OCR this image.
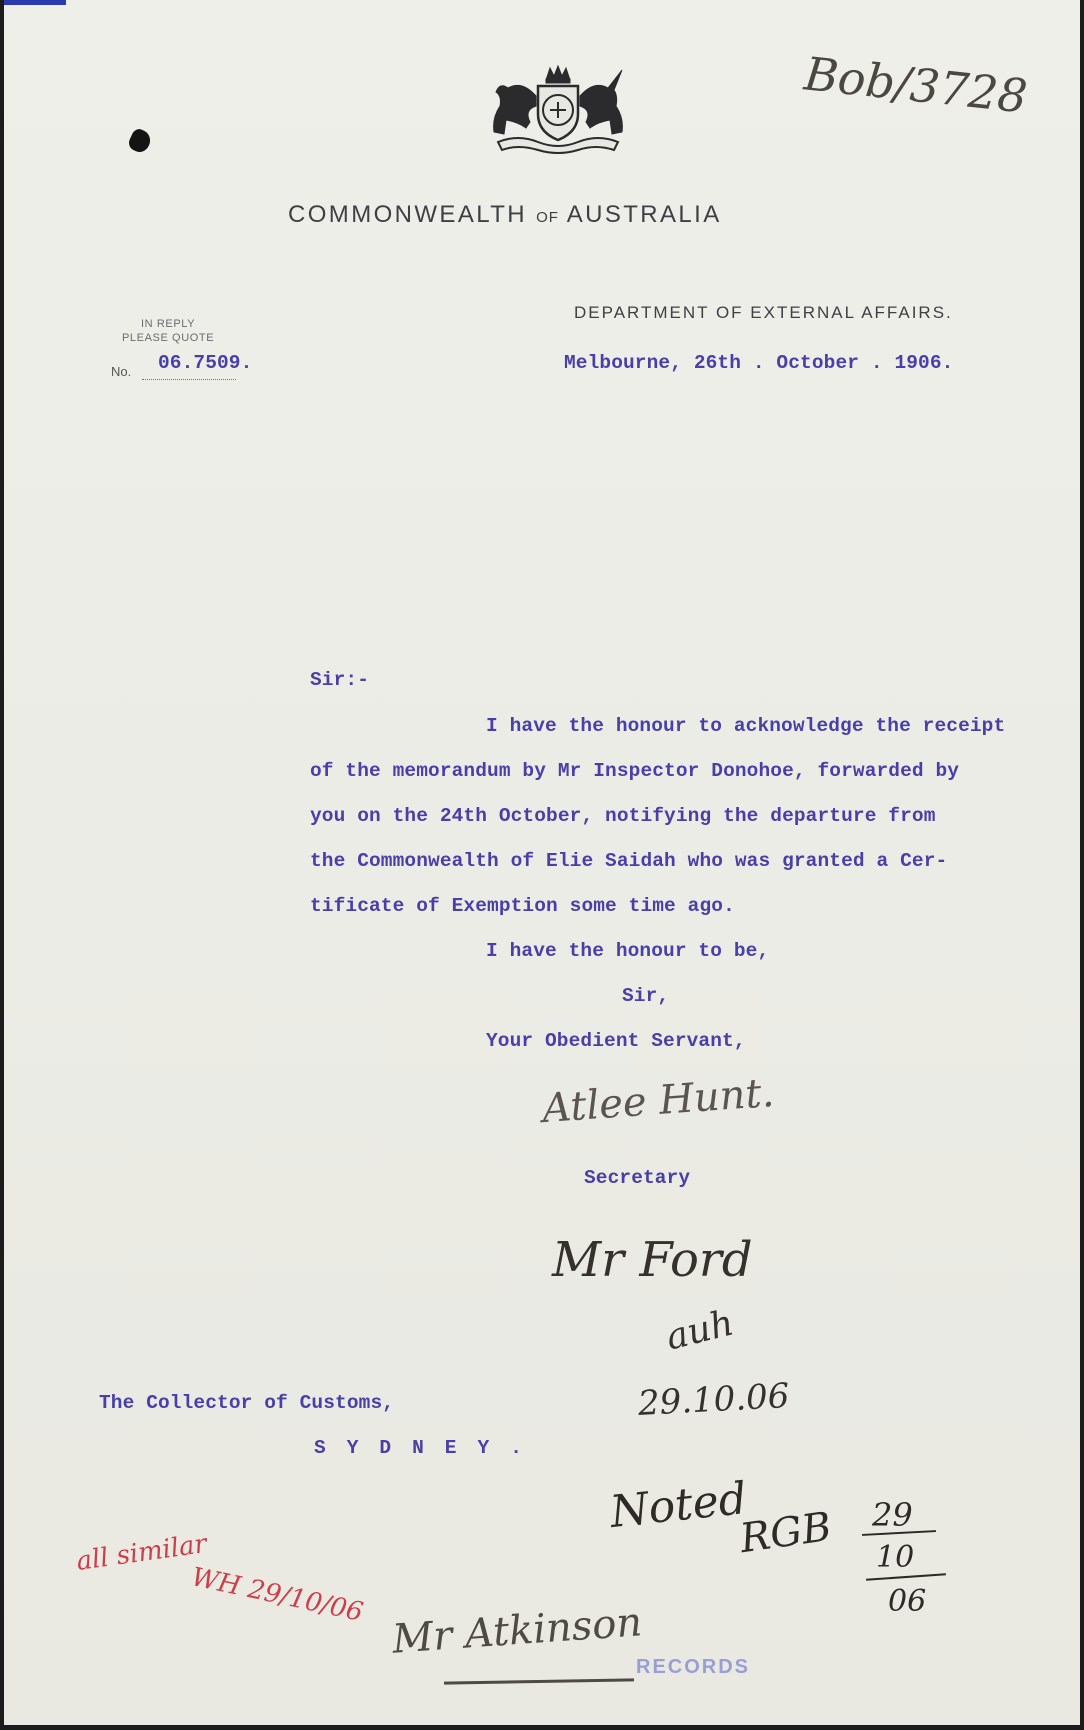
COMMONWEALTH OF AUSTRALIA
DEPARTMENT OF EXTERNAL AFFAIRS.
IN REPLY
PLEASE QUOTE
No. 06.7509.	Melbourne, 26th . October . 1906.
Bob/3728
Sir:-
I have the honour to acknowledge the receipt
of the memorandum by Mr Inspector Donohoe, forwarded by
you on the 24th October, notifying the departure from
the Commonwealth of Elie Saidah who was granted a Cer-
tificate of Exemption some time ago.
I have the honour to be,
Sir,
Your Obedient Servant,
Atlee Hunt.
Secretary
Mr Ford
auh
29.10.06
The Collector of Customs,
SYDNEY.
Noted
RGB 29
10
06
all similar
WH 29/10/06
Mr Atkinson
RECORDS
